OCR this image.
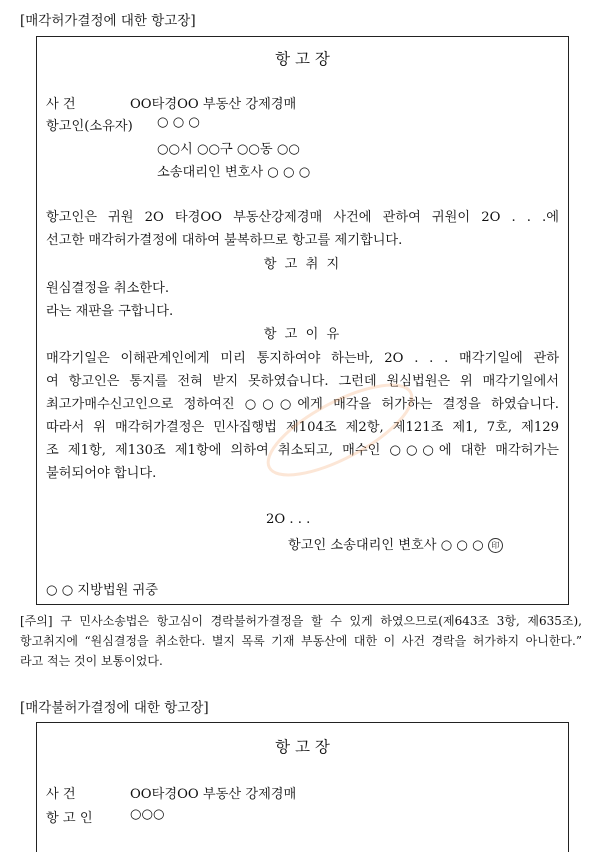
[매각허가결정에 대한 항고장]
항 고 장
사 건	OO타경OO 부동산 강제경매
항고인(소유자) ○ ○ ○
○○시 ○○구 ○○동 ○○
소송대리인 변호사 ○ ○ ○
항고인은 귀원 2O 타경OO 부동산강제경매 사건에 관하여 귀원이 2O . . .에
선고한 매각허가결정에 대하여 불복하므로 항고를 제기합니다.
항 고 취 지
원심결정을 취소한다.
라는 재판을 구합니다.
항 고 이 유
매각기일은 이해관계인에게 미리 통지하여야 하는바, 2O . . . 매각기일에 관하
여 항고인은 통지를 전혀 받지 못하였습니다. 그런데 원심법원은 위 매각기일에서
최고가매수신고인으로 정하여진 ○○○에게 매각을 허가하는 결정을 하였습니다.
따라서 위 매각허가결정은 민사집행법 제104조 제2항, 제121조 제1, 7호, 제129
조 제1항, 제130조 제1항에 의하여 취소되고, 매수인 ○○○에 대한 매각허가는
불허되어야 합니다.
2O . . .
항고인 소송대리인 변호사 ○ ○ ○ 印
○ ○ 지방법원 귀중
[주의] 구 민사소송법은 항고심이 경락불허가결정을 할 수 있게 하였으므로(제643조 3항, 제635조),
항고취지에 “원심결정을 취소한다. 별지 목록 기재 부동산에 대한 이 사건 경락을 허가하지 아니한다.”
라고 적는 것이 보통이었다.
[매각불허가결정에 대한 항고장]
항 고 장
사 건	OO타경OO 부동산 강제경매
항 고 인	○○○
